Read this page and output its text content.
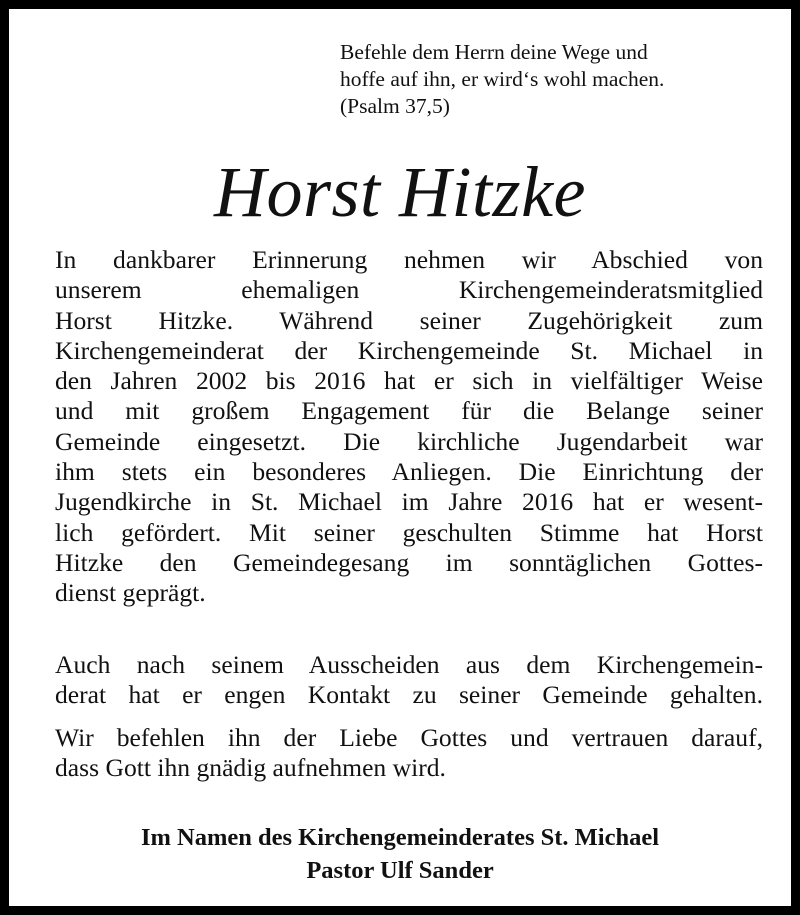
Befehle dem Herrn deine Wege und
hoffe auf ihn, er wird‘s wohl machen.
(Psalm 37,5)
Horst Hitzke
In dankbarer Erinnerung nehmen wir Abschied von
unserem ehemaligen Kirchengemeinderatsmitglied
Horst Hitzke. Während seiner Zugehörigkeit zum
Kirchengemeinderat der Kirchengemeinde St. Michael in
den Jahren 2002 bis 2016 hat er sich in vielfältiger Weise
und mit großem Engagement für die Belange seiner
Gemeinde eingesetzt. Die kirchliche Jugendarbeit war
ihm stets ein besonderes Anliegen. Die Einrichtung der
Jugendkirche in St. Michael im Jahre 2016 hat er wesent-
lich gefördert. Mit seiner geschulten Stimme hat Horst
Hitzke den Gemeindegesang im sonntäglichen Gottes-
dienst geprägt.
Auch nach seinem Ausscheiden aus dem Kirchengemein-
derat hat er engen Kontakt zu seiner Gemeinde gehalten.
Wir befehlen ihn der Liebe Gottes und vertrauen darauf,
dass Gott ihn gnädig aufnehmen wird.
Im Namen des Kirchengemeinderates St. Michael
Pastor Ulf Sander
